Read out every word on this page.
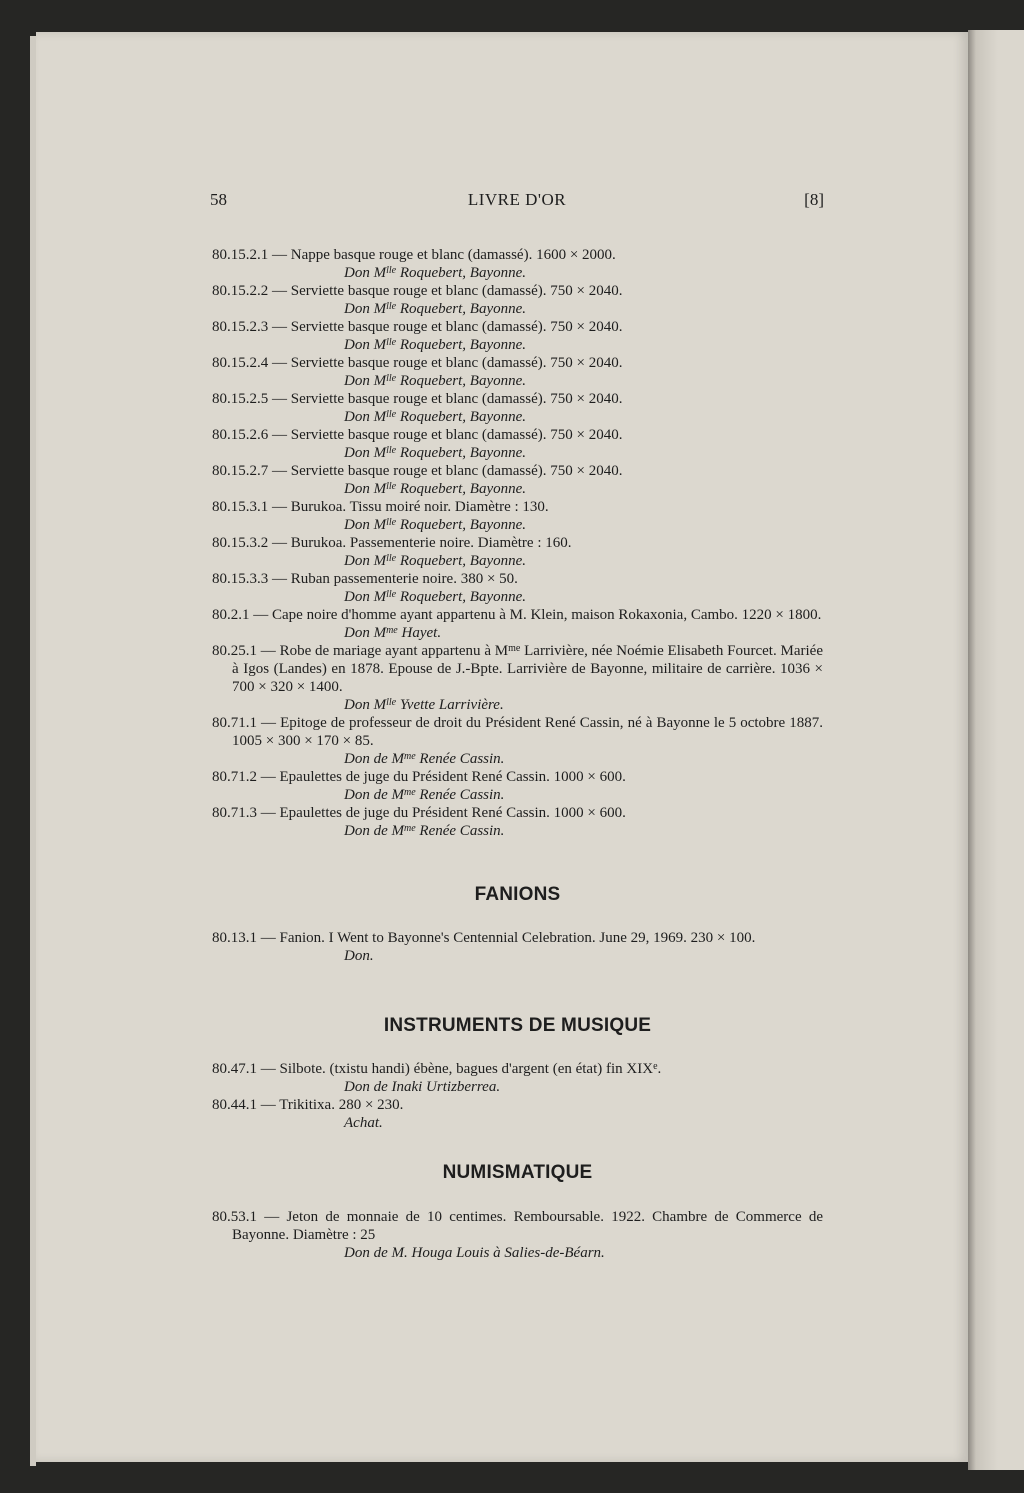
58	LIVRE D'OR	[8]
80.15.2.1 — Nappe basque rouge et blanc (damassé). 1600 × 2000.
Don $M^{lle}$ Roquebert, Bayonne.
80.15.2.2 — Serviette basque rouge et blanc (damassé). 750 × 2040.
Don $M^{lle}$ Roquebert, Bayonne.
80.15.2.3 — Serviette basque rouge et blanc (damassé). 750 × 2040.
Don $M^{lle}$ Roquebert, Bayonne.
80.15.2.4 — Serviette basque rouge et blanc (damassé). 750 × 2040.
Don $M^{lle}$ Roquebert, Bayonne.
80.15.2.5 — Serviette basque rouge et blanc (damassé). 750 × 2040.
Don $M^{lle}$ Roquebert, Bayonne.
80.15.2.6 — Serviette basque rouge et blanc (damassé). 750 × 2040.
Don $M^{lle}$ Roquebert, Bayonne.
80.15.2.7 — Serviette basque rouge et blanc (damassé). 750 × 2040.
Don $M^{lle}$ Roquebert, Bayonne.
80.15.3.1 — Burukoa. Tissu moiré noir. Diamètre : 130.
Don $M^{lle}$ Roquebert, Bayonne.
80.15.3.2 — Burukoa. Passementerie noire. Diamètre : 160.
Don $M^{lle}$ Roquebert, Bayonne.
80.15.3.3 — Ruban passementerie noire. 380 × 50.
Don $M^{lle}$ Roquebert, Bayonne.
80.2.1 — Cape noire d'homme ayant appartenu à M. Klein, maison Rokaxonia, Cambo. 1220 × 1800.
Don $M^{me}$ Hayet.
80.25.1 — Robe de mariage ayant appartenu à $M^{me}$ Larrivière, née Noémie Elisabeth Fourcet. Mariée à Igos (Landes) en 1878. Epouse de J.-Bpte. Larrivière de Bayonne, militaire de carrière. 1036 × 700 × 320 × 1400.
Don $M^{lle}$ Yvette Larrivière.
80.71.1 — Epitoge de professeur de droit du Président René Cassin, né à Bayonne le 5 octobre 1887. 1005 × 300 × 170 × 85.
Don de $M^{me}$ Renée Cassin.
80.71.2 — Epaulettes de juge du Président René Cassin. 1000 × 600.
Don de $M^{me}$ Renée Cassin.
80.71.3 — Epaulettes de juge du Président René Cassin. 1000 × 600.
Don de $M^{me}$ Renée Cassin.
FANIONS
80.13.1 — Fanion. I Went to Bayonne's Centennial Celebration. June 29, 1969. 230 × 100.
Don.
INSTRUMENTS DE MUSIQUE
80.47.1 — Silbote. (txistu handi) ébène, bagues d'argent (en état) fin XIXe.
Don de Inaki Urtizberrea.
80.44.1 — Trikitixa. 280 × 230.
Achat.
NUMISMATIQUE
80.53.1 — Jeton de monnaie de 10 centimes. Remboursable. 1922. Chambre de Commerce de Bayonne. Diamètre : 25
Don de M. Houga Louis à Salies-de-Béarn.
